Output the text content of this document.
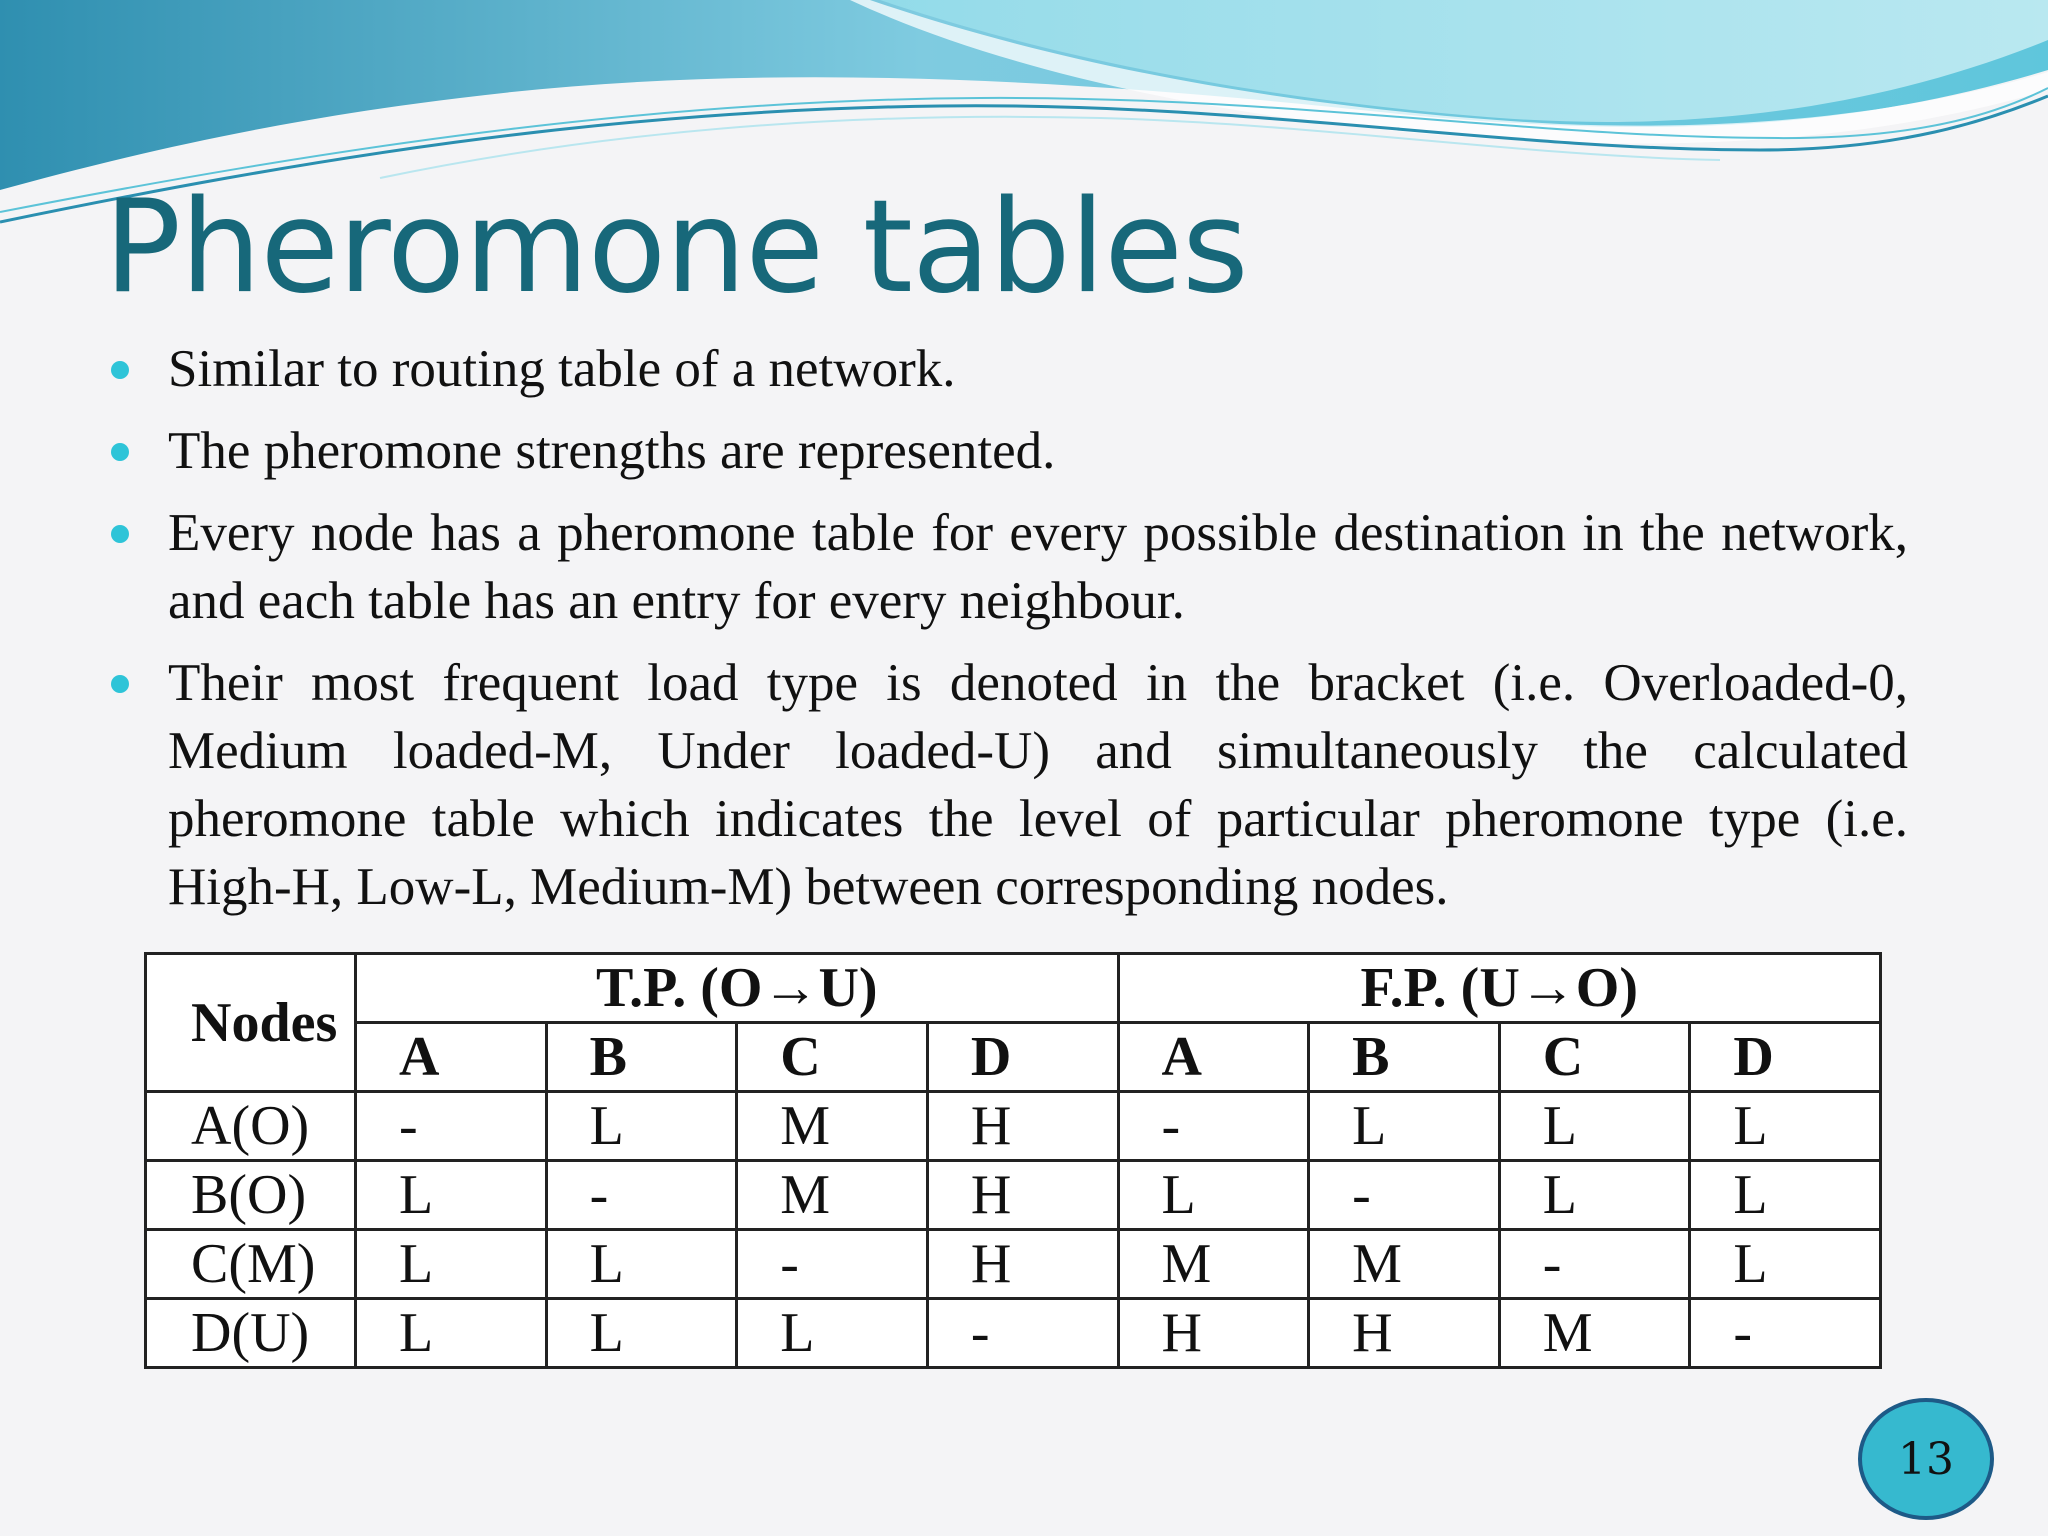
Pheromone tables
Similar to routing table of a network.
The pheromone strengths are represented.
Every node has a pheromone table for every possible destination in the network, and each table has an entry for every neighbour.
Their most frequent load type is denoted in the bracket (i.e. Overloaded-0, Medium loaded-M, Under loaded-U) and simultaneously the calculated pheromone table which indicates the level of particular pheromone type (i.e. High-H, Low-L, Medium-M) between corresponding nodes.
Nodes	T.P. (O→U)				F.P. (U→O)			
	A	B	C	D	A	B	C	D
A(O)	-	L	M	H	-	L	L	L
B(O)	L	-	M	H	L	-	L	L
C(M)	L	L	-	H	M	M	-	L
D(U)	L	L	L	-	H	H	M	-
13
